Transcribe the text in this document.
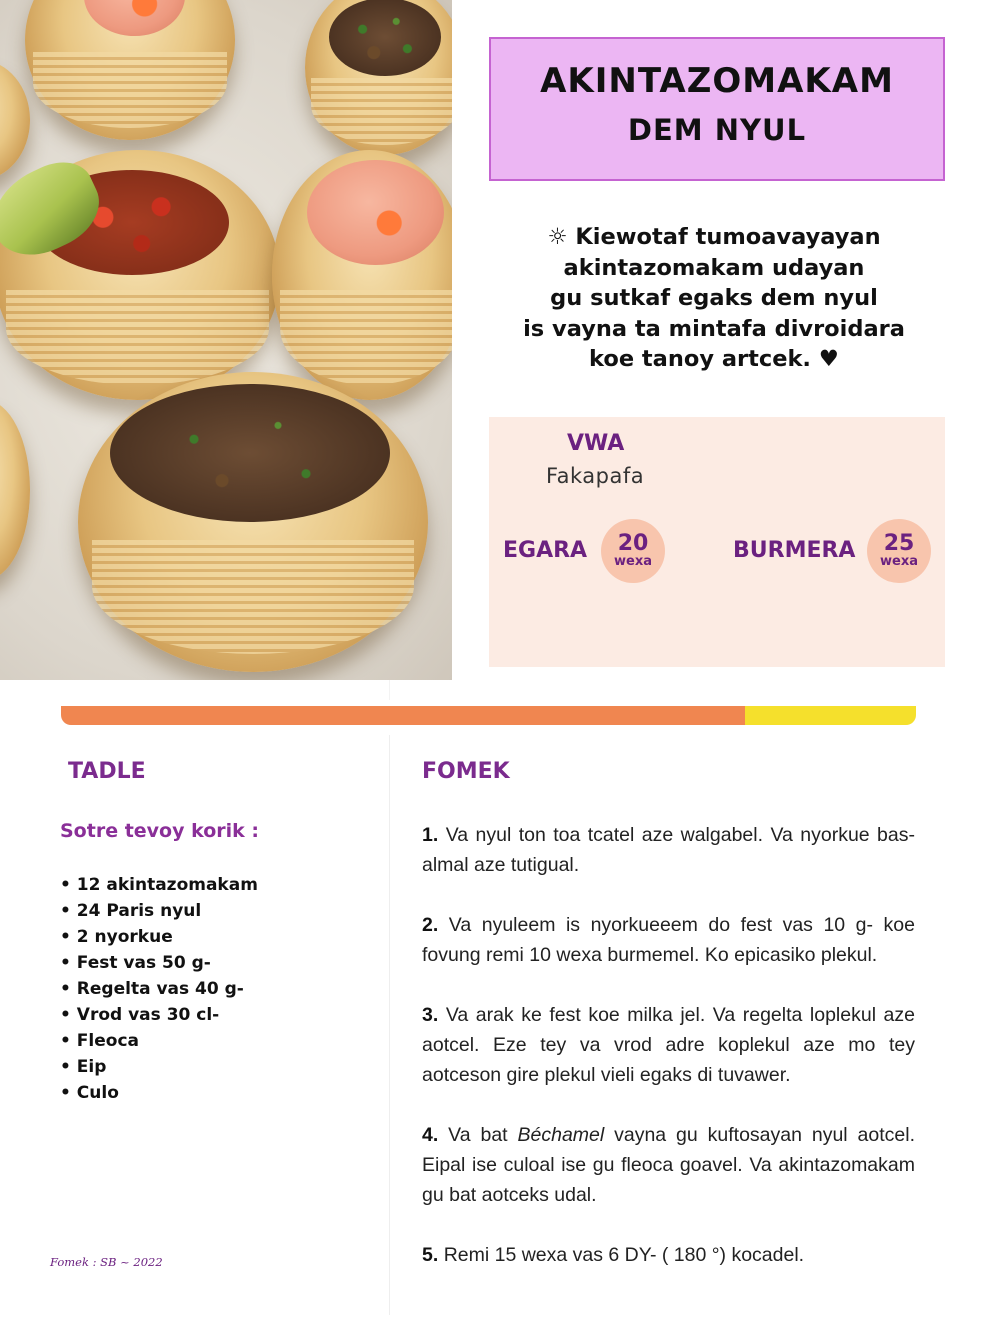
AKINTAZOMAKAM
DEM NYUL
☼ Kiewotaf tumoavayayan
akintazomakam udayan
gu sutkaf egaks dem nyul
is vayna ta mintafa divroidara
koe tanoy artcek. ♥
VWA
Fakapafa
EGARA	20
wexa	BURMERA	25
wexa
TADLE
Sotre tevoy korik :
• 12 akintazomakam
• 24 Paris nyul
• 2 nyorkue
• Fest vas 50 g-
• Regelta vas 40 g-
• Vrod vas 30 cl-
• Fleoca
• Eip
• Culo
Fomek : SB ~ 2022
FOMEK

1. Va nyul ton toa tcatel aze walgabel. Va nyorkue bas-almal aze tutigual.

2. Va nyuleem is nyorkueeem do fest vas 10 g- koe fovung remi 10 wexa burmemel. Ko epicasiko plekul.

3. Va arak ke fest koe milka jel. Va regelta loplekul aze aotcel. Eze tey va vrod adre koplekul aze mo tey aotceson gire plekul vieli egaks di tuvawer.

4. Va bat Béchamel vayna gu kuftosayan nyul aotcel. Eipal ise culoal ise gu fleoca goavel. Va akintazomakam gu bat aotceks udal.

5. Remi 15 wexa vas 6 DY- ( 180 °) kocadel.
